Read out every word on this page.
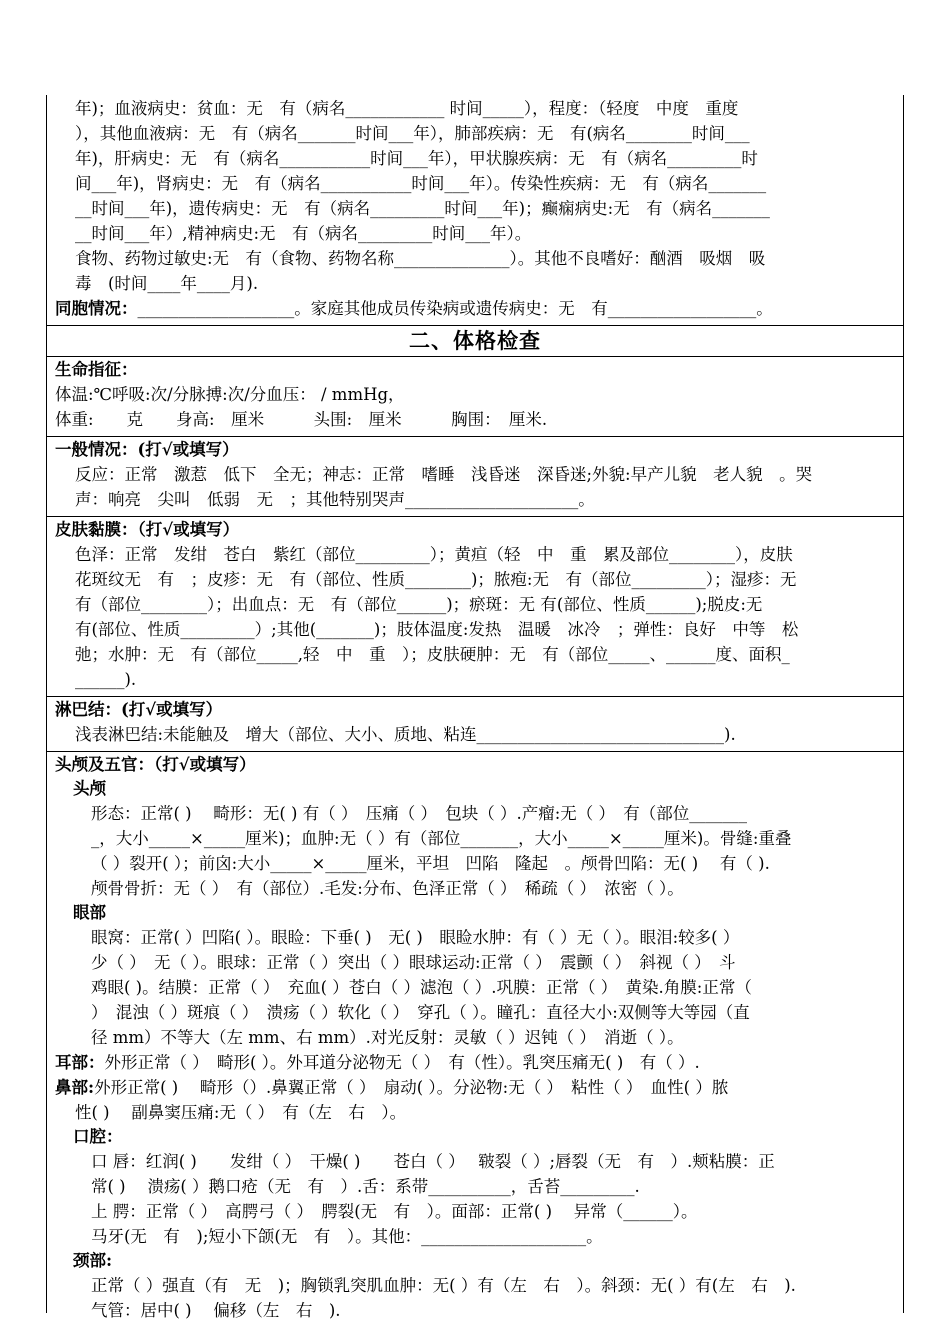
年)；血液病史：贫血：无　有（病名____________ 时间_____），程度：（轻度　中度　重度
），其他血液病：无　有（病名_______时间___年），肺部疾病：无　有(病名________时间___
年)，肝病史：无　有（病名___________时间___年），甲状腺疾病：无　有（病名_________时
间___年)，肾病史：无　有（病名___________时间___年）。传染性疾病：无　有（病名_______
__时间___年)，遗传病史：无　有（病名_________时间___年)；癫痫病史:无　有（病名_______
__时间___年）,精神病史:无　有（病名_________时间___年）。
食物、药物过敏史:无　有（食物、药物名称______________）。其他不良嗜好：酗酒　吸烟　吸
毒　(时间____年____月).
同胞情况：___________________。家庭其他成员传染病或遗传病史：无　有__________________。
二、体格检查
生命指征：
体温:℃呼吸:次/分脉搏:次/分血压： / mmHg，
体重:　　克　　身高:　厘米　　　头围:　厘米　　　胸围：　厘米.
一般情况：(打√或填写）
反应：正常　激惹　低下　全无；神志：正常　嗜睡　浅昏迷　深昏迷;外貌:早产儿貌　老人貌　。哭
声：响亮　尖叫　低弱　无　；其他特别哭声_____________________。
皮肤黏膜：（打√或填写）
色泽：正常　发绀　苍白　紫红（部位_________）；黄疸（轻　中　重　累及部位________），皮肤
花斑纹无　有　；皮疹：无　有（部位、性质________)；脓疱:无　有（部位_________）；湿疹：无
有（部位________）；出血点：无　有（部位______)；瘀斑：无 有(部位、性质______);脱皮:无
有(部位、性质_________）;其他(_______)；肢体温度:发热　温暖　冰冷　；弹性：良好　中等　松
弛；水肿：无　有（部位_____,轻　中　重　）；皮肤硬肿：无　有（部位_____、______度、面积_
______).
淋巴结：(打√或填写）
浅表淋巴结:未能触及　增大（部位、大小、质地、粘连______________________________).
头颅及五官：（打√或填写）
头颅
形态：正常( )　 畸形：无( ) 有（ ）　压痛（ ）　包块（ ）.产瘤:无（ ）　有（部位_______
_，大小_____×_____厘米)；血肿:无（ ）有（部位_______，大小_____×_____厘米)。骨缝:重叠
（ ）裂开( ）；前囟:大小_____×_____厘米，平坦　凹陷　隆起　。颅骨凹陷：无( )　 有（ ).
颅骨骨折：无（ ）　有（部位）.毛发:分布、色泽正常（ ）　稀疏（ ）　浓密（ ）。
眼部
眼窝：正常( ）凹陷( ）。眼睑：下垂( )　无( )　眼睑水肿：有（ ）无（ ）。眼泪:较多( ）
少（ ）　无（ ）。眼球：正常（ ）突出（ ）眼球运动:正常（ ）　震颤（ ）　斜视（ ）　斗
鸡眼( )。结膜：正常（ ）　充血( ）苍白（ ）滤泡（ ）.巩膜：正常（ ）　黄染.角膜:正常（
）　混浊（ ）斑痕（ ）　溃疡（ ）软化（ ）　穿孔（ ）。瞳孔：直径大小:双侧等大等园（直
径 mm）不等大（左 mm、右 mm）.对光反射：灵敏（ ）迟钝（ ）　消逝（ ）。
耳部：外形正常（ ）　畸形( ）。外耳道分泌物无（ ）　有（性）。乳突压痛无( )　有（ ）.
鼻部:外形正常( )　 畸形（）.鼻翼正常（ ）　扇动( ）。分泌物:无（ ）　粘性（ ）　血性( ）脓
性( )　 副鼻窦压痛:无（ ）　有（左　右　）。
口腔：
口 唇：红润( )　　发绀（ ）　干燥( )　　苍白（ ）　 皲裂（ ）;唇裂（无　有　）.颊粘膜：正
常( )　 溃疡( ）鹅口疮（无　有　）.舌：系带__________，舌苔_________.
上 腭：正常（ ）　高腭弓（ ）　腭裂(无　有　）。面部：正常( )　 异常（______）。
马牙(无　有　);短小下颌(无　有　）。其他：____________________。
颈部:
正常（ ）强直（有　无　)；胸锁乳突肌血肿：无( ）有（左　右　）。斜颈：无( ）有(左　右　).
气管：居中( )　 偏移（左　右　).
